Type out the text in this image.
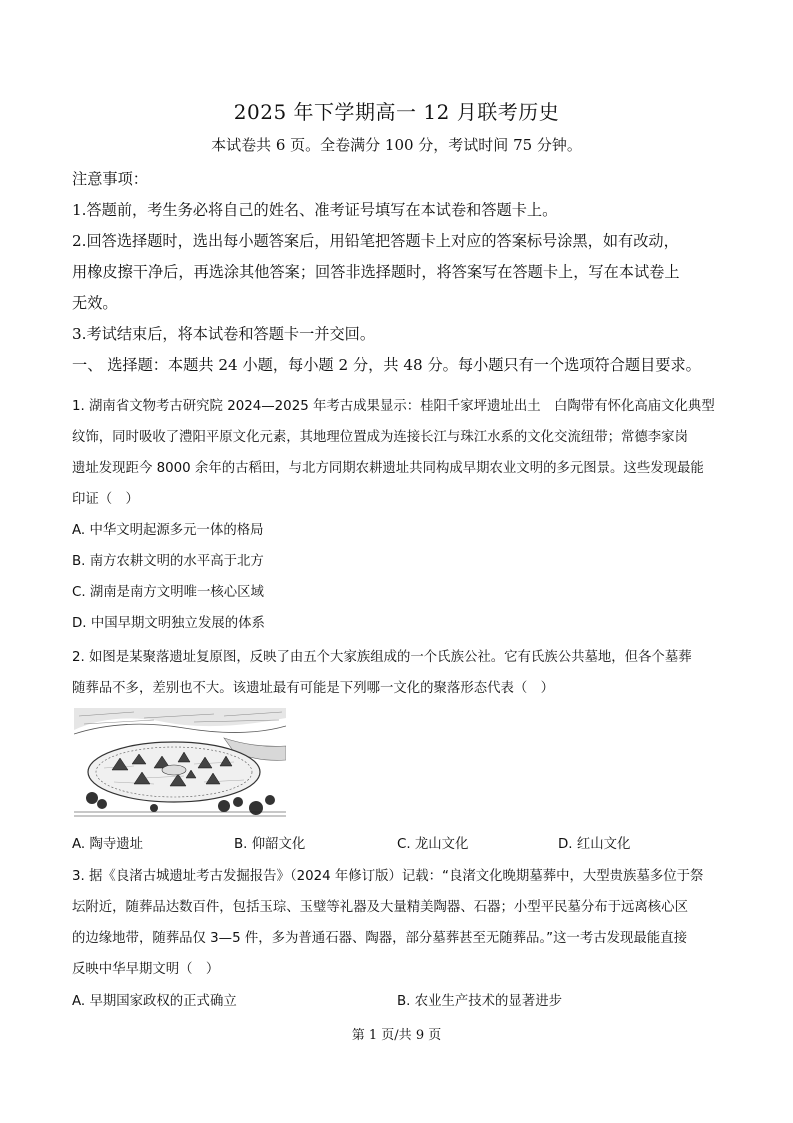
2025 年下学期高一 12 月联考历史
本试卷共 6 页。全卷满分 100 分，考试时间 75 分钟。
注意事项：
1.答题前，考生务必将自己的姓名、准考证号填写在本试卷和答题卡上。
2.回答选择题时，选出每小题答案后，用铅笔把答题卡上对应的答案标号涂黑，如有改动，
用橡皮擦干净后，再选涂其他答案；回答非选择题时，将答案写在答题卡上，写在本试卷上
无效。
3.考试结束后，将本试卷和答题卡一并交回。
一、 选择题：本题共 24 小题，每小题 2 分，共 48 分。每小题只有一个选项符合题目要求。
1. 湖南省文物考古研究院 2024—2025 年考古成果显示：桂阳千家坪遗址出土　白陶带有怀化高庙文化典型
纹饰，同时吸收了澧阳平原文化元素，其地理位置成为连接长江与珠江水系的文化交流纽带；常德李家岗
遗址发现距今 8000 余年的古稻田，与北方同期农耕遗址共同构成早期农业文明的多元图景。这些发现最能
印证（　）
A. 中华文明起源多元一体的格局
B. 南方农耕文明的水平高于北方
C. 湖南是南方文明唯一核心区域
D. 中国早期文明独立发展的体系
2. 如图是某聚落遗址复原图，反映了由五个大家族组成的一个氏族公社。它有氏族公共墓地，但各个墓葬
随葬品不多，差别也不大。该遗址最有可能是下列哪一文化的聚落形态代表（　）
A. 陶寺遗址	B. 仰韶文化	C. 龙山文化	D. 红山文化
3. 据《良渚古城遗址考古发掘报告》（2024 年修订版）记载：“良渚文化晚期墓葬中，大型贵族墓多位于祭
坛附近，随葬品达数百件，包括玉琮、玉璧等礼器及大量精美陶器、石器；小型平民墓分布于远离核心区
的边缘地带，随葬品仅 3—5 件，多为普通石器、陶器，部分墓葬甚至无随葬品。”这一考古发现最能直接
反映中华早期文明（　）
A. 早期国家政权的正式确立	B. 农业生产技术的显著进步
第 1 页/共 9 页
